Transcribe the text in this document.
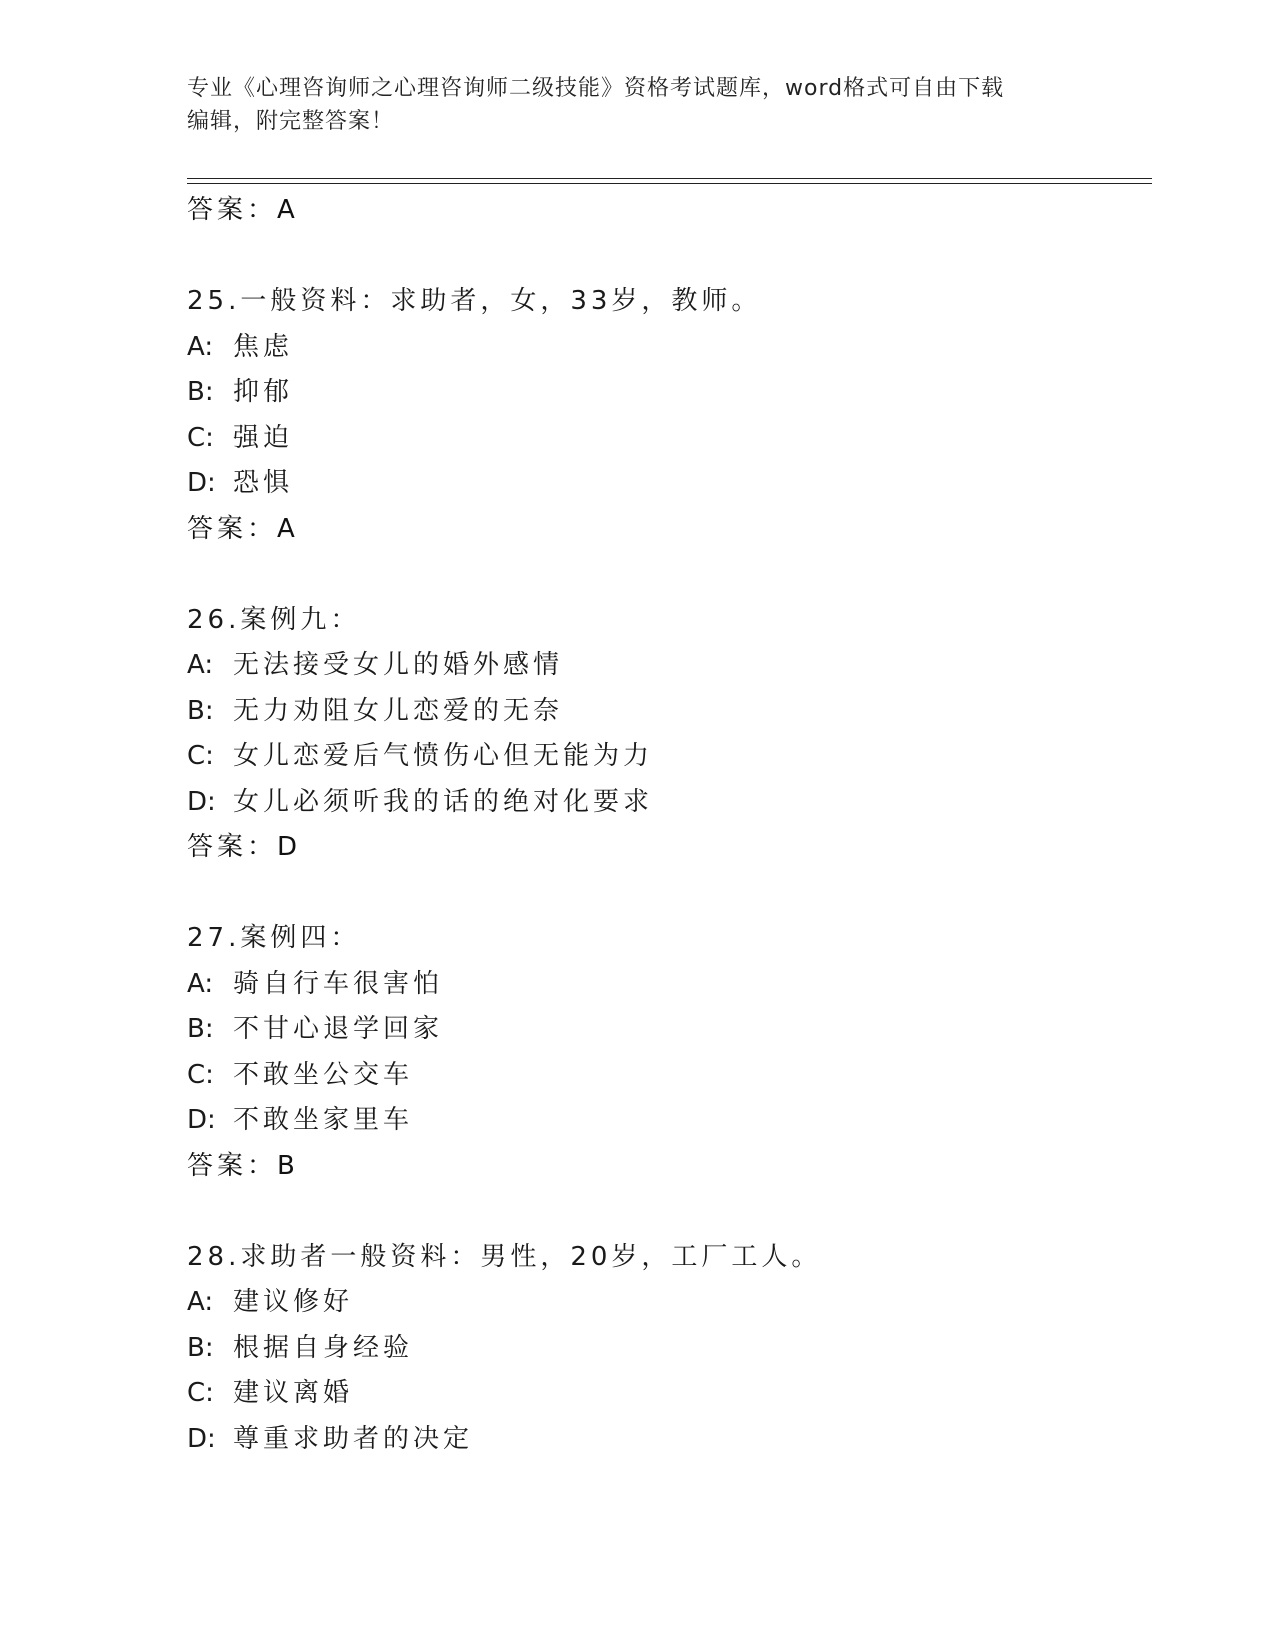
专业《心理咨询师之心理咨询师二级技能》资格考试题库，word格式可自由下载
编辑，附完整答案！
答案：A
25.一般资料：求助者，女，33岁，教师。
A: 焦虑
B: 抑郁
C: 强迫
D: 恐惧
答案：A
26.案例九：
A: 无法接受女儿的婚外感情
B: 无力劝阻女儿恋爱的无奈
C: 女儿恋爱后气愤伤心但无能为力
D: 女儿必须听我的话的绝对化要求
答案：D
27.案例四：
A: 骑自行车很害怕
B: 不甘心退学回家
C: 不敢坐公交车
D: 不敢坐家里车
答案：B
28.求助者一般资料：男性，20岁，工厂工人。
A: 建议修好
B: 根据自身经验
C: 建议离婚
D: 尊重求助者的决定
